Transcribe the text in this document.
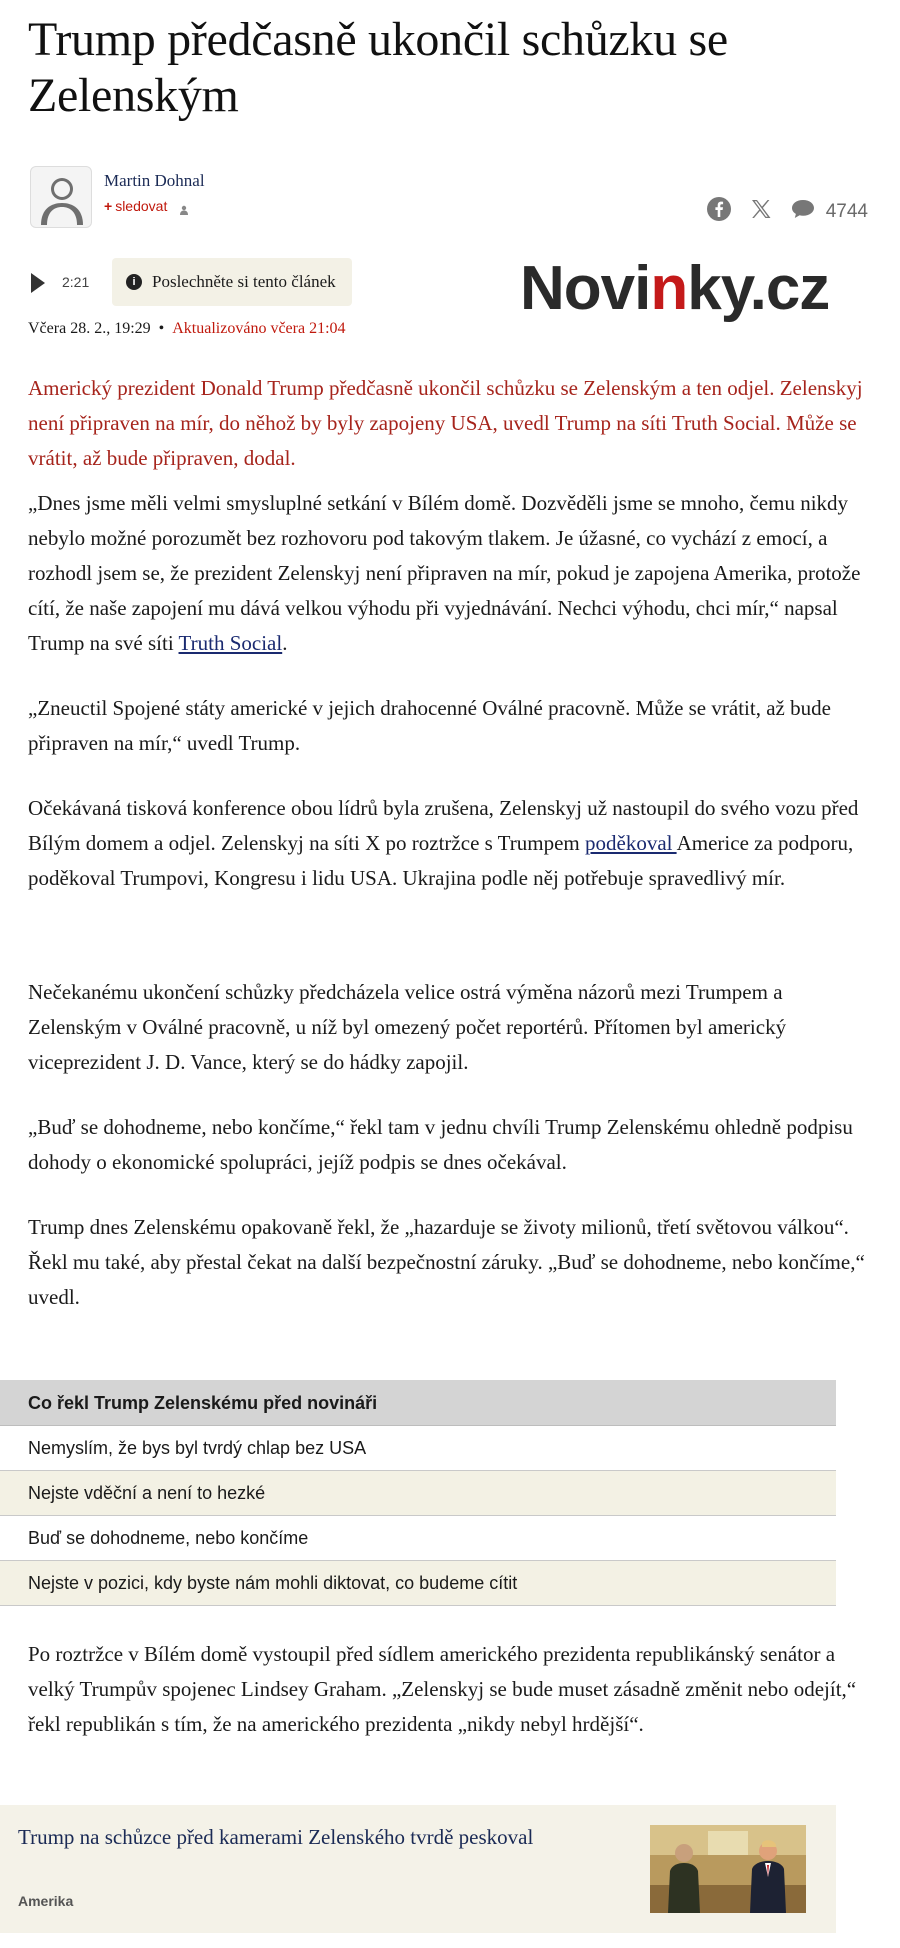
Trump předčasně ukončil schůzku se Zelenským
Martin Dohnal
+ sledovat	4744
2:21	i Poslechněte si tento článek	Novinky.cz
Včera 28. 2., 19:29 • Aktualizováno včera 21:04

Americký prezident Donald Trump předčasně ukončil schůzku se Zelenským a ten odjel. Zelenskyj není připraven na mír, do něhož by byly zapojeny USA, uvedl Trump na síti Truth Social. Může se vrátit, až bude připraven, dodal.

„Dnes jsme měli velmi smysluplné setkání v Bílém domě. Dozvěděli jsme se mnoho, čemu nikdy nebylo možné porozumět bez rozhovoru pod takovým tlakem. Je úžasné, co vychází z emocí, a rozhodl jsem se, že prezident Zelenskyj není připraven na mír, pokud je zapojena Amerika, protože cítí, že naše zapojení mu dává velkou výhodu při vyjednávání. Nechci výhodu, chci mír,“ napsal Trump na své síti Truth Social.

„Zneuctil Spojené státy americké v jejich drahocenné Oválné pracovně. Může se vrátit, až bude připraven na mír,“ uvedl Trump.

Očekávaná tisková konference obou lídrů byla zrušena, Zelenskyj už nastoupil do svého vozu před Bílým domem a odjel. Zelenskyj na síti X po roztržce s Trumpem poděkoval Americe za podporu, poděkoval Trumpovi, Kongresu i lidu USA. Ukrajina podle něj potřebuje spravedlivý mír.

Nečekanému ukončení schůzky předcházela velice ostrá výměna názorů mezi Trumpem a Zelenským v Oválné pracovně, u níž byl omezený počet reportérů. Přítomen byl americký viceprezident J. D. Vance, který se do hádky zapojil.

„Buď se dohodneme, nebo končíme,“ řekl tam v jednu chvíli Trump Zelenskému ohledně podpisu dohody o ekonomické spolupráci, jejíž podpis se dnes očekával.

Trump dnes Zelenskému opakovaně řekl, že „hazarduje se životy milionů, třetí světovou válkou“. Řekl mu také, aby přestal čekat na další bezpečnostní záruky. „Buď se dohodneme, nebo končíme,“ uvedl.

Co řekl Trump Zelenskému před novináři
Nemyslím, že bys byl tvrdý chlap bez USA
Nejste vděční a není to hezké
Buď se dohodneme, nebo končíme
Nejste v pozici, kdy byste nám mohli diktovat, co budeme cítit

Po roztržce v Bílém domě vystoupil před sídlem amerického prezidenta republikánský senátor a velký Trumpův spojenec Lindsey Graham. „Zelenskyj se bude muset zásadně změnit nebo odejít,“ řekl republikán s tím, že na amerického prezidenta „nikdy nebyl hrdější“.

Trump na schůzce před kamerami Zelenského tvrdě peskoval
Amerika
